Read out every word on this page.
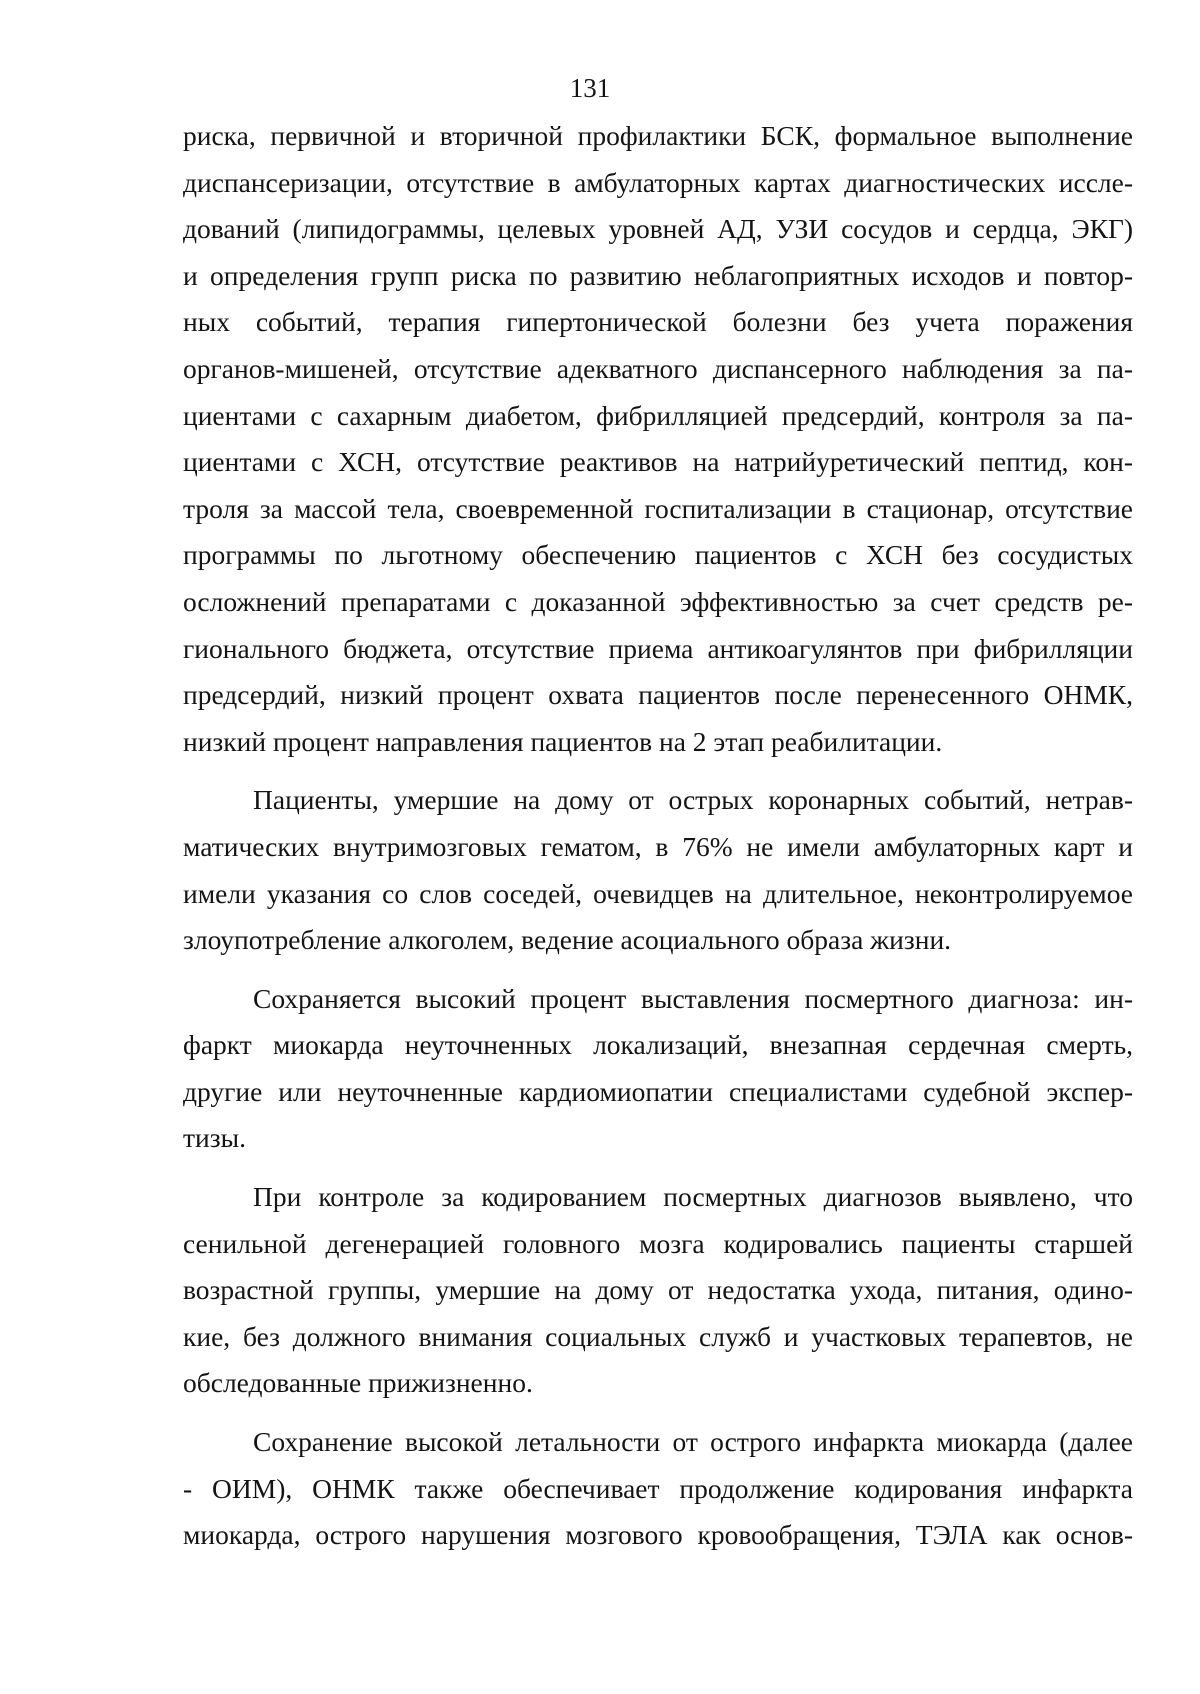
131

риска, первичной и вторичной профилактики БСК, формальное выполнение
диспансеризации, отсутствие в амбулаторных картах диагностических иссле-
дований (липидограммы, целевых уровней АД, УЗИ сосудов и сердца, ЭКГ)
и определения групп риска по развитию неблагоприятных исходов и повтор-
ных событий, терапия гипертонической болезни без учета поражения
органов-мишеней, отсутствие адекватного диспансерного наблюдения за па-
циентами с сахарным диабетом, фибрилляцией предсердий, контроля за па-
циентами с ХСН, отсутствие реактивов на натрийуретический пептид, кон-
троля за массой тела, своевременной госпитализации в стационар, отсутствие
программы по льготному обеспечению пациентов с ХСН без сосудистых
осложнений препаратами с доказанной эффективностью за счет средств ре-
гионального бюджета, отсутствие приема антикоагулянтов при фибрилляции
предсердий, низкий процент охвата пациентов после перенесенного ОНМК,
низкий процент направления пациентов на 2 этап реабилитации.

Пациенты, умершие на дому от острых коронарных событий, нетрав-
матических внутримозговых гематом, в 76% не имели амбулаторных карт и
имели указания со слов соседей, очевидцев на длительное, неконтролируемое
злоупотребление алкоголем, ведение асоциального образа жизни.

Сохраняется высокий процент выставления посмертного диагноза: ин-
фаркт миокарда неуточненных локализаций, внезапная сердечная смерть,
другие или неуточненные кардиомиопатии специалистами судебной экспер-
тизы.

При контроле за кодированием посмертных диагнозов выявлено, что
сенильной дегенерацией головного мозга кодировались пациенты старшей
возрастной группы, умершие на дому от недостатка ухода, питания, одино-
кие, без должного внимания социальных служб и участковых терапевтов, не
обследованные прижизненно.

Сохранение высокой летальности от острого инфаркта миокарда (далее
- ОИМ), ОНМК также обеспечивает продолжение кодирования инфаркта
миокарда, острого нарушения мозгового кровообращения, ТЭЛА как основ-
